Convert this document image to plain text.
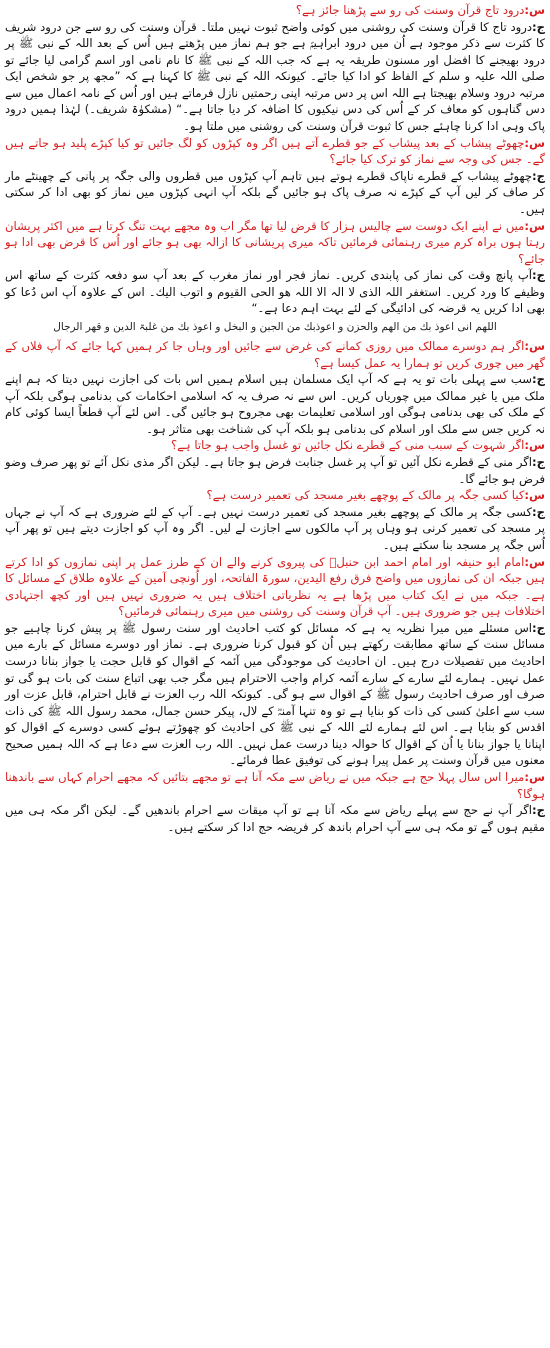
س:درود تاج قرآن وسنت کی رو سے پڑھنا جائز ہے؟

ج:درود تاج کا قرآن وسنت کی روشنی میں کوئی واضح ثبوت نہیں ملتا۔ قرآن وسنت کی رو سے جن درود شریف کا کثرت سے ذکر موجود ہے اُن میں درود ابراہیمؐ ہے جو ہم نماز میں پڑھتے ہیں اُس کے بعد اللہ کے نبی ﷺ پر درود بھیجنے کا افضل اور مسنون طریقہ یہ ہے کہ جب اللہ کے نبی ﷺ کا نام نامی اور اسم گرامی لیا جائے تو صلی اللہ علیہ و سلم کے الفاظ کو ادا کیا جائے۔ کیونکہ اللہ کے نبی ﷺ کا کہنا ہے کہ ”مجھ پر جو شخص ایک مرتبہ درود وسلام بھیجتا ہے اللہ اس پر دس مرتبہ اپنی رحمتیں نازل فرماتے ہیں اور اُس کے نامہ اعمال میں سے دس گناہوں کو معاف کر کے اُس کی دس نیکیوں کا اضافہ کر دیا جاتا ہے۔“ (مشکوٰۃ شریف۔) لہٰذا ہمیں درود پاک وہی ادا کرنا چاہئے جس کا ثبوت قرآن وسنت کی روشنی میں ملتا ہو۔

س:چھوٹے پیشاب کے بعد پیشاب کے جو قطرے آتے ہیں اگر وہ کپڑوں کو لگ جائیں تو کیا کپڑے پلید ہو جاتے ہیں گے۔ جس کی وجہ سے نماز کو ترک کیا جائے؟

ج:چھوٹے پیشاب کے قطرے ناپاک قطرے ہوتے ہیں تاہم آپ کپڑوں میں قطروں والی جگہ پر پانی کے چھینٹے مار کر صاف کر لیں آپ کے کپڑے نہ صرف پاک ہو جائیں گے بلکہ آپ انہی کپڑوں میں نماز کو بھی ادا کر سکتی ہیں۔

س:میں نے اپنے ایک دوست سے چالیس ہزار کا قرض لیا تھا مگر اب وہ مجھے بہت تنگ کرتا ہے میں اکثر پریشان رہتا ہوں براہ کرم میری رہنمائی فرمائیں تاکہ میری پریشانی کا ازالہ بھی ہو جائے اور اُس کا قرض بھی ادا ہو جائے؟

ج:آپ پانچ وقت کی نماز کی پابندی کریں۔ نماز فجر اور نماز مغرب کے بعد آپ سو دفعہ کثرت کے ساتھ اس وظیفے کا ورد کریں۔ استغفر اللہ الذی لا الہ الا اللہ ھو الحی القیوم و اتوب الیك۔ اس کے علاوہ آپ اس دُعا کو بھی ادا کریں یہ قرضہ کی ادائیگی کے لئے بہت اہم دعا ہے۔“

اللھم انی اعوذ بك من الھم والحزن و اعوذبك من الجبن و البخل و اعوذ بك من غلبۃ الدین و قھر الرجال

س:اگر ہم دوسرے ممالک میں روزی کمانے کی غرض سے جائیں اور وہاں جا کر ہمیں کہا جائے کہ آپ فلاں کے گھر میں چوری کریں تو ہمارا یہ عمل کیسا ہے؟

ج:سب سے پہلی بات تو یہ ہے کہ آپ ایک مسلمان ہیں اسلام ہمیں اس بات کی اجازت نہیں دیتا کہ ہم اپنے ملک میں یا غیر ممالک میں چوریاں کریں۔ اس سے نہ صرف یہ کہ اسلامی احکامات کی بدنامی ہوگی بلکہ آپ کے ملک کی بھی بدنامی ہوگی اور اسلامی تعلیمات بھی مجروح ہو جائیں گی۔ اس لئے آپ قطعاً ایسا کوئی کام نہ کریں جس سے ملک اور اسلام کی بدنامی ہو بلکہ آپ کی شناخت بھی متاثر ہو۔

س:اگر شہوت کے سبب منی کے قطرے نکل جائیں تو غسل واجب ہو جاتا ہے؟

ج:اگر منی کے قطرے نکل آئیں تو آپ پر غسل جنابت فرض ہو جاتا ہے۔ لیکن اگر مذی نکل آئے تو پھر صرف وضو فرض ہو جائے گا۔

س:کیا کسی جگہ پر مالک کے پوچھے بغیر مسجد کی تعمیر درست ہے؟

ج:کسی جگہ پر مالک کے پوچھے بغیر مسجد کی تعمیر درست نہیں ہے۔ آپ کے لئے ضروری ہے کہ آپ نے جہاں پر مسجد کی تعمیر کرنی ہو وہاں پر آپ مالکوں سے اجازت لے لیں۔ اگر وہ آپ کو اجازت دیتے ہیں تو پھر آپ اُس جگہ پر مسجد بنا سکتے ہیں۔

س:امام ابو حنیفہ اور امام احمد ابن حنبلؒ کی پیروی کرنے والے ان کے طرز عمل پر اپنی نمازوں کو ادا کرتے ہیں جبکہ ان کی نمازوں میں واضح فرق رفع الیدین، سورۃ الفاتحہ، اور اُونچی آمین کے علاوہ طلاق کے مسائل کا ہے۔ جبکہ میں نے ایک کتاب میں پڑھا ہے یہ نظریاتی اختلاف ہیں یہ ضروری نہیں ہیں اور کچھ اجتہادی اختلافات ہیں جو ضروری ہیں۔ آپ قرآن وسنت کی روشنی میں میری رہنمائی فرمائیں؟

ج:اس مسئلے میں میرا نظریہ یہ ہے کہ مسائل کو کتب احادیث اور سنت رسول ﷺ پر پیش کرنا چاہیے جو مسائل سنت کے ساتھ مطابقت رکھتے ہیں اُن کو قبول کرنا ضروری ہے۔ نماز اور دوسرے مسائل کے بارے میں احادیث میں تفصیلات درج ہیں۔ ان احادیث کی موجودگی میں آئمہ کے اقوال کو قابل حجت یا جواز بنانا درست عمل نہیں۔ ہمارے لئے سارے کے سارے آئمہ کرام واجب الاحترام ہیں مگر جب بھی اتباع سنت کی بات ہو گی تو صرف اور صرف احادیث رسول ﷺ کے اقوال سے ہو گی۔ کیونکہ اللہ رب العزت نے قابل احترام، قابل عزت اور سب سے اعلیٰ کسی کی ذات کو بنایا ہے تو وہ تنہا آمنہؓ کے لال، پیکر حسن جمال، محمد رسول اللہ ﷺ کی ذات اقدس کو بنایا ہے۔ اس لئے ہمارے لئے اللہ کے نبی ﷺ کی احادیث کو چھوڑتے ہوئے کسی دوسرے کے اقوال کو اپنانا یا جواز بنانا یا اُن کے اقوال کا حوالہ دینا درست عمل نہیں۔ اللہ رب العزت سے دعا ہے کہ اللہ ہمیں صحیح معنوں میں قرآن وسنت پر عمل پیرا ہونے کی توفیق عطا فرمائے۔

س:میرا اس سال پہلا حج ہے جبکہ میں نے ریاض سے مکہ آنا ہے تو مجھے بتائیں کہ مجھے احرام کہاں سے باندھنا ہوگا؟

ج:اگر آپ نے حج سے پہلے ریاض سے مکہ آنا ہے تو آپ میقات سے احرام باندھیں گے۔ لیکن اگر مکہ ہی میں مقیم ہوں گے تو مکہ ہی سے آپ احرام باندھ کر فریضہ حج ادا کر سکتے ہیں۔
